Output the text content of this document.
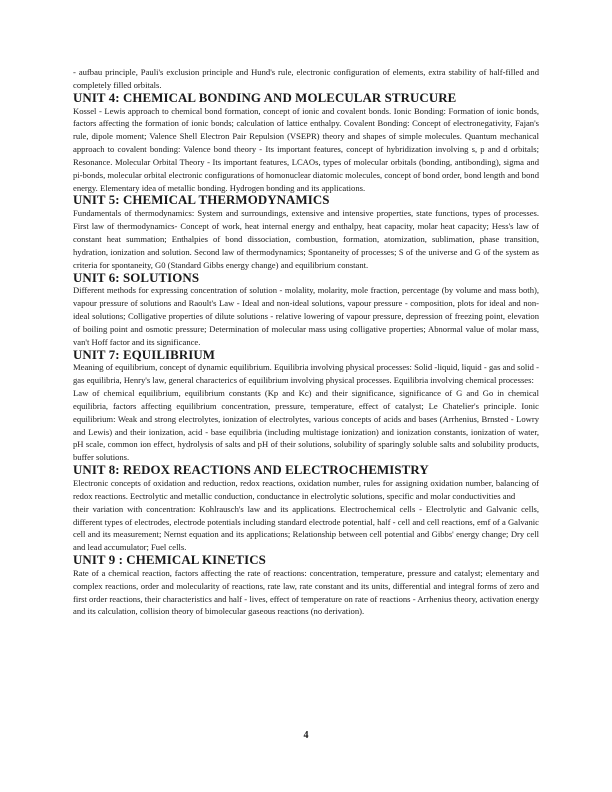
- aufbau principle, Pauli's exclusion principle and Hund's rule, electronic configuration of elements, extra stability of half-filled and completely filled orbitals.

UNIT 4: CHEMICAL BONDING AND MOLECULAR STRUCURE

Kossel - Lewis approach to chemical bond formation, concept of ionic and covalent bonds. Ionic Bonding: Formation of ionic bonds, factors affecting the formation of ionic bonds; calculation of lattice enthalpy. Covalent Bonding: Concept of electronegativity, Fajan's rule, dipole moment; Valence Shell Electron Pair Repulsion (VSEPR) theory and shapes of simple molecules. Quantum mechanical approach to covalent bonding: Valence bond theory - Its important features, concept of hybridization involving s, p and d orbitals; Resonance. Molecular Orbital Theory - Its important features, LCAOs, types of molecular orbitals (bonding, antibonding), sigma and pi-bonds, molecular orbital electronic configurations of homonuclear diatomic molecules, concept of bond order, bond length and bond energy. Elementary idea of metallic bonding. Hydrogen bonding and its applications.

UNIT 5: CHEMICAL THERMODYNAMICS

Fundamentals of thermodynamics: System and surroundings, extensive and intensive properties, state functions, types of processes. First law of thermodynamics- Concept of work, heat internal energy and enthalpy, heat capacity, molar heat capacity; Hess's law of constant heat summation; Enthalpies of bond dissociation, combustion, formation, atomization, sublimation, phase transition, hydration, ionization and solution. Second law of thermodynamics; Spontaneity of processes; S of the universe and G of the system as criteria for spontaneity, G0 (Standard Gibbs energy change) and equilibrium constant.

UNIT 6: SOLUTIONS

Different methods for expressing concentration of solution - molality, molarity, mole fraction, percentage (by volume and mass both), vapour pressure of solutions and Raoult's Law - Ideal and non-ideal solutions, vapour pressure - composition, plots for ideal and non-ideal solutions; Colligative properties of dilute solutions - relative lowering of vapour pressure, depression of freezing point, elevation of boiling point and osmotic pressure; Determination of molecular mass using colligative properties; Abnormal value of molar mass, van't Hoff factor and its significance.

UNIT 7: EQUILIBRIUM

Meaning of equilibrium, concept of dynamic equilibrium. Equilibria involving physical processes: Solid -liquid, liquid - gas and solid - gas equilibria, Henry's law, general characterics of equilibrium involving physical processes. Equilibria involving chemical processes:

Law of chemical equilibrium, equilibrium constants (Kp and Kc) and their significance, significance of G and Go in chemical equilibria, factors affecting equilibrium concentration, pressure, temperature, effect of catalyst; Le Chatelier's principle. Ionic equilibrium: Weak and strong electrolytes, ionization of electrolytes, various concepts of acids and bases (Arrhenius, Brnsted - Lowry and Lewis) and their ionization, acid - base equilibria (including multistage ionization) and ionization constants, ionization of water, pH scale, common ion effect, hydrolysis of salts and pH of their solutions, solubility of sparingly soluble salts and solubility products, buffer solutions.

UNIT 8: REDOX REACTIONS AND ELECTROCHEMISTRY

Electronic concepts of oxidation and reduction, redox reactions, oxidation number, rules for assigning oxidation number, balancing of redox reactions. Eectrolytic and metallic conduction, conductance in electrolytic solutions, specific and molar conductivities and

their variation with concentration: Kohlrausch's law and its applications. Electrochemical cells - Electrolytic and Galvanic cells, different types of electrodes, electrode potentials including standard electrode potential, half - cell and cell reactions, emf of a Galvanic cell and its measurement; Nernst equation and its applications; Relationship between cell potential and Gibbs' energy change; Dry cell and lead accumulator; Fuel cells.

UNIT 9 : CHEMICAL KINETICS

Rate of a chemical reaction, factors affecting the rate of reactions: concentration, temperature, pressure and catalyst; elementary and complex reactions, order and molecularity of reactions, rate law, rate constant and its units, differential and integral forms of zero and first order reactions, their characteristics and half - lives, effect of temperature on rate of reactions - Arrhenius theory, activation energy and its calculation, collision theory of bimolecular gaseous reactions (no derivation).

4
